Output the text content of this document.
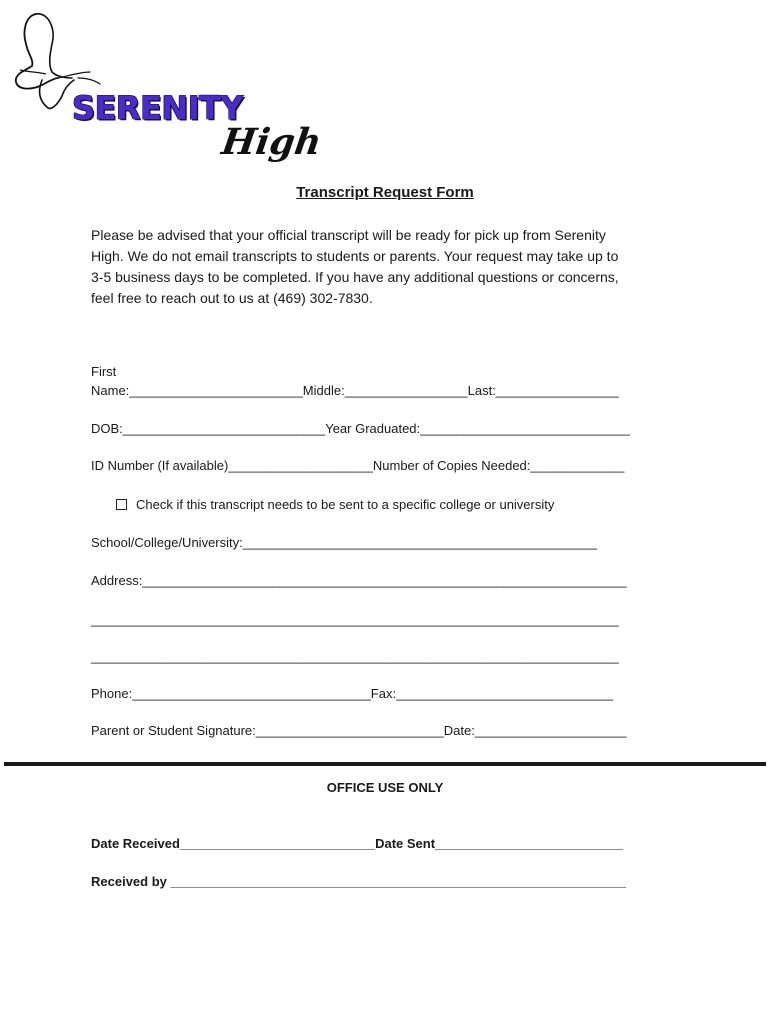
SERENITY
High
Transcript Request Form

Please be advised that your official transcript will be ready for pick up from Serenity

High. We do not email transcripts to students or parents. Your request may take up to

3-5 business days to be completed. If you have any additional questions or concerns,

feel free to reach out to us at (469) 302-7830.

First
Name:________________________Middle:_________________Last:_________________
DOB:____________________________Year Graduated:_____________________________
ID Number (If available)____________________Number of Copies Needed:_____________
Check if this transcript needs to be sent to a specific college or university
School/College/University:_________________________________________________
Address:___________________________________________________________________
_________________________________________________________________________
_________________________________________________________________________
Phone:_________________________________Fax:______________________________
Parent or Student Signature:__________________________Date:_____________________
OFFICE USE ONLY
Date Received___________________________Date Sent__________________________
Received by _______________________________________________________________
